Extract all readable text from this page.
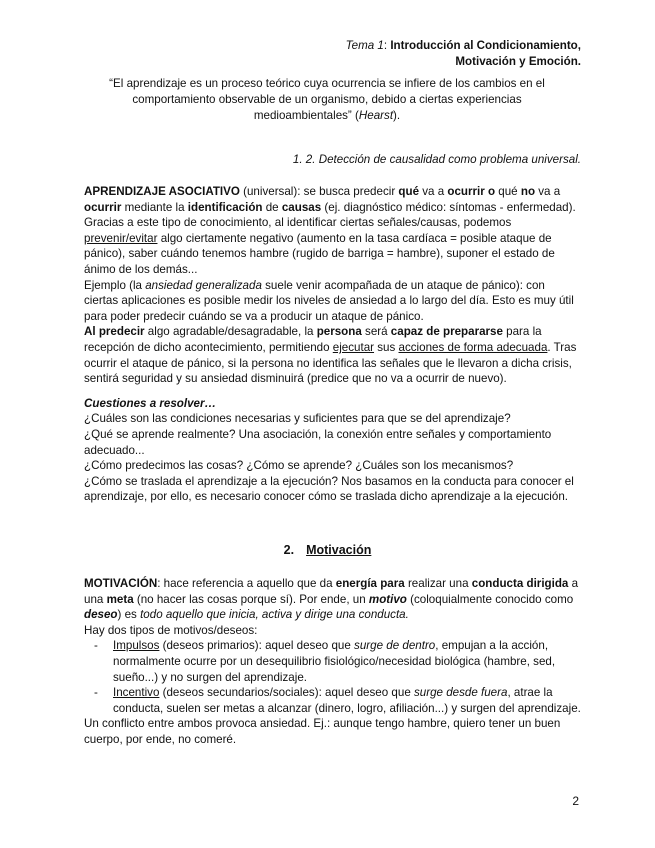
Tema 1: Introducción al Condicionamiento,
Motivación y Emoción.
“El aprendizaje es un proceso teórico cuya ocurrencia se infiere de los cambios en el comportamiento observable de un organismo, debido a ciertas experiencias medioambientales” (Hearst).
1. 2. Detección de causalidad como problema universal.

APRENDIZAJE ASOCIATIVO (universal): se busca predecir qué va a ocurrir o qué no va a ocurrir mediante la identificación de causas (ej. diagnóstico médico: síntomas - enfermedad). Gracias a este tipo de conocimiento, al identificar ciertas señales/causas, podemos prevenir/evitar algo ciertamente negativo (aumento en la tasa cardíaca = posible ataque de pánico), saber cuándo tenemos hambre (rugido de barriga = hambre), suponer el estado de ánimo de los demás...

Ejemplo (la ansiedad generalizada suele venir acompañada de un ataque de pánico): con ciertas aplicaciones es posible medir los niveles de ansiedad a lo largo del día. Esto es muy útil para poder predecir cuándo se va a producir un ataque de pánico.

Al predecir algo agradable/desagradable, la persona será capaz de prepararse para la recepción de dicho acontecimiento, permitiendo ejecutar sus acciones de forma adecuada. Tras ocurrir el ataque de pánico, si la persona no identifica las señales que le llevaron a dicha crisis, sentirá seguridad y su ansiedad disminuirá (predice que no va a ocurrir de nuevo).

Cuestiones a resolver…

¿Cuáles son las condiciones necesarias y suficientes para que se del aprendizaje?

¿Qué se aprende realmente? Una asociación, la conexión entre señales y comportamiento adecuado...

¿Cómo predecimos las cosas? ¿Cómo se aprende? ¿Cuáles son los mecanismos?

¿Cómo se traslada el aprendizaje a la ejecución? Nos basamos en la conducta para conocer el aprendizaje, por ello, es necesario conocer cómo se traslada dicho aprendizaje a la ejecución.

2. Motivación

MOTIVACIÓN: hace referencia a aquello que da energía para realizar una conducta dirigida a una meta (no hacer las cosas porque sí). Por ende, un motivo (coloquialmente conocido como deseo) es todo aquello que inicia, activa y dirige una conducta.

Hay dos tipos de motivos/deseos:

- Impulsos (deseos primarios): aquel deseo que surge de dentro, empujan a la acción, normalmente ocurre por un desequilibrio fisiológico/necesidad biológica (hambre, sed, sueño...) y no surgen del aprendizaje.
- Incentivo (deseos secundarios/sociales): aquel deseo que surge desde fuera, atrae la conducta, suelen ser metas a alcanzar (dinero, logro, afiliación...) y surgen del aprendizaje.

Un conflicto entre ambos provoca ansiedad. Ej.: aunque tengo hambre, quiero tener un buen cuerpo, por ende, no comeré.

2
